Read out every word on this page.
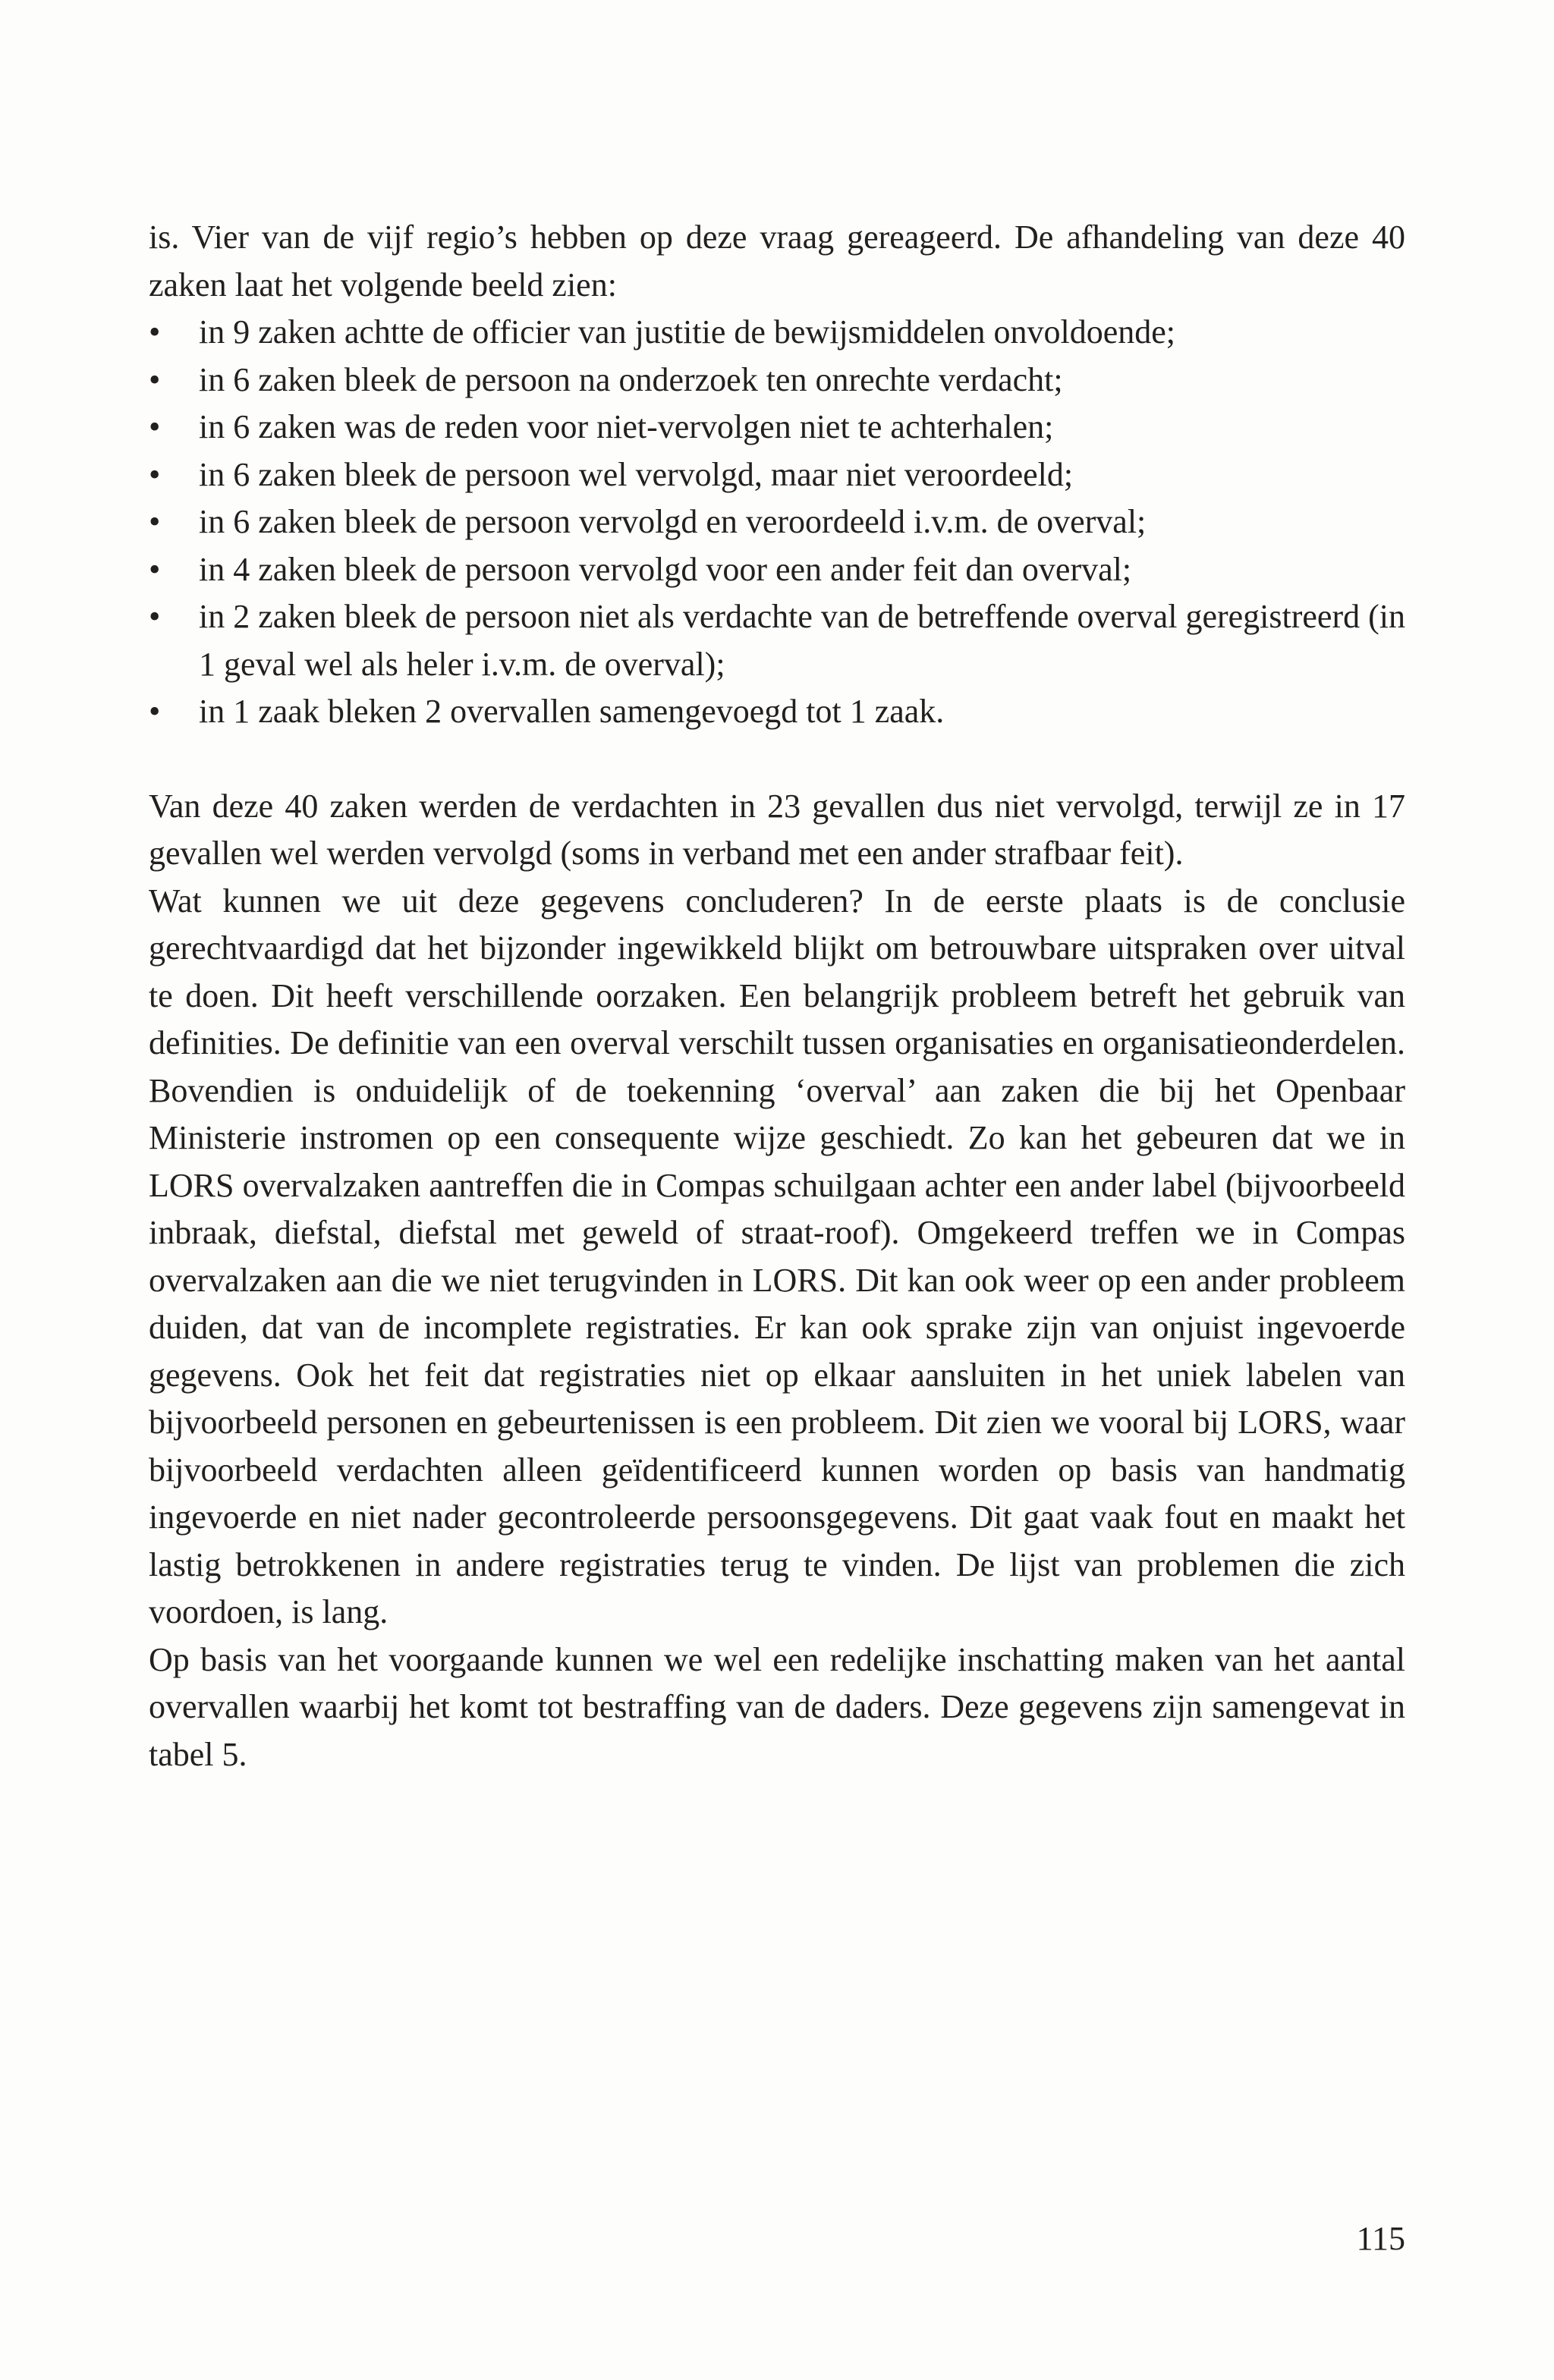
is. Vier van de vijf regio’s hebben op deze vraag gereageerd. De afhandeling van deze 40 zaken laat het volgende beeld zien:

• in 9 zaken achtte de officier van justitie de bewijsmiddelen onvoldoende;
• in 6 zaken bleek de persoon na onderzoek ten onrechte verdacht;
• in 6 zaken was de reden voor niet-vervolgen niet te achterhalen;
• in 6 zaken bleek de persoon wel vervolgd, maar niet veroordeeld;
• in 6 zaken bleek de persoon vervolgd en veroordeeld i.v.m. de overval;
• in 4 zaken bleek de persoon vervolgd voor een ander feit dan overval;
• in 2 zaken bleek de persoon niet als verdachte van de betreffende overval geregistreerd (in 1 geval wel als heler i.v.m. de overval);
• in 1 zaak bleken 2 overvallen samengevoegd tot 1 zaak.

Van deze 40 zaken werden de verdachten in 23 gevallen dus niet vervolgd, terwijl ze in 17 gevallen wel werden vervolgd (soms in verband met een ander strafbaar feit).

Wat kunnen we uit deze gegevens concluderen? In de eerste plaats is de conclusie gerechtvaardigd dat het bijzonder ingewikkeld blijkt om betrouwbare uitspraken over uitval te doen. Dit heeft verschillende oorzaken. Een belangrijk probleem betreft het gebruik van definities. De definitie van een overval verschilt tussen organisaties en organisatieonderdelen. Bovendien is onduidelijk of de toekenning ‘overval’ aan zaken die bij het Openbaar Ministerie instromen op een consequente wijze geschiedt. Zo kan het gebeuren dat we in LORS overvalzaken aantreffen die in Compas schuilgaan achter een ander label (bijvoorbeeld inbraak, diefstal, diefstal met geweld of straat-roof). Omgekeerd treffen we in Compas overvalzaken aan die we niet terugvinden in LORS. Dit kan ook weer op een ander probleem duiden, dat van de incomplete registraties. Er kan ook sprake zijn van onjuist ingevoerde gegevens. Ook het feit dat registraties niet op elkaar aansluiten in het uniek labelen van bijvoorbeeld personen en gebeurtenissen is een probleem. Dit zien we vooral bij LORS, waar bijvoorbeeld verdachten alleen geïdentificeerd kunnen worden op basis van handmatig ingevoerde en niet nader gecontroleerde persoonsgegevens. Dit gaat vaak fout en maakt het lastig betrokkenen in andere registraties terug te vinden. De lijst van problemen die zich voordoen, is lang.

Op basis van het voorgaande kunnen we wel een redelijke inschatting maken van het aantal overvallen waarbij het komt tot bestraffing van de daders. Deze gegevens zijn samengevat in tabel 5.

115
